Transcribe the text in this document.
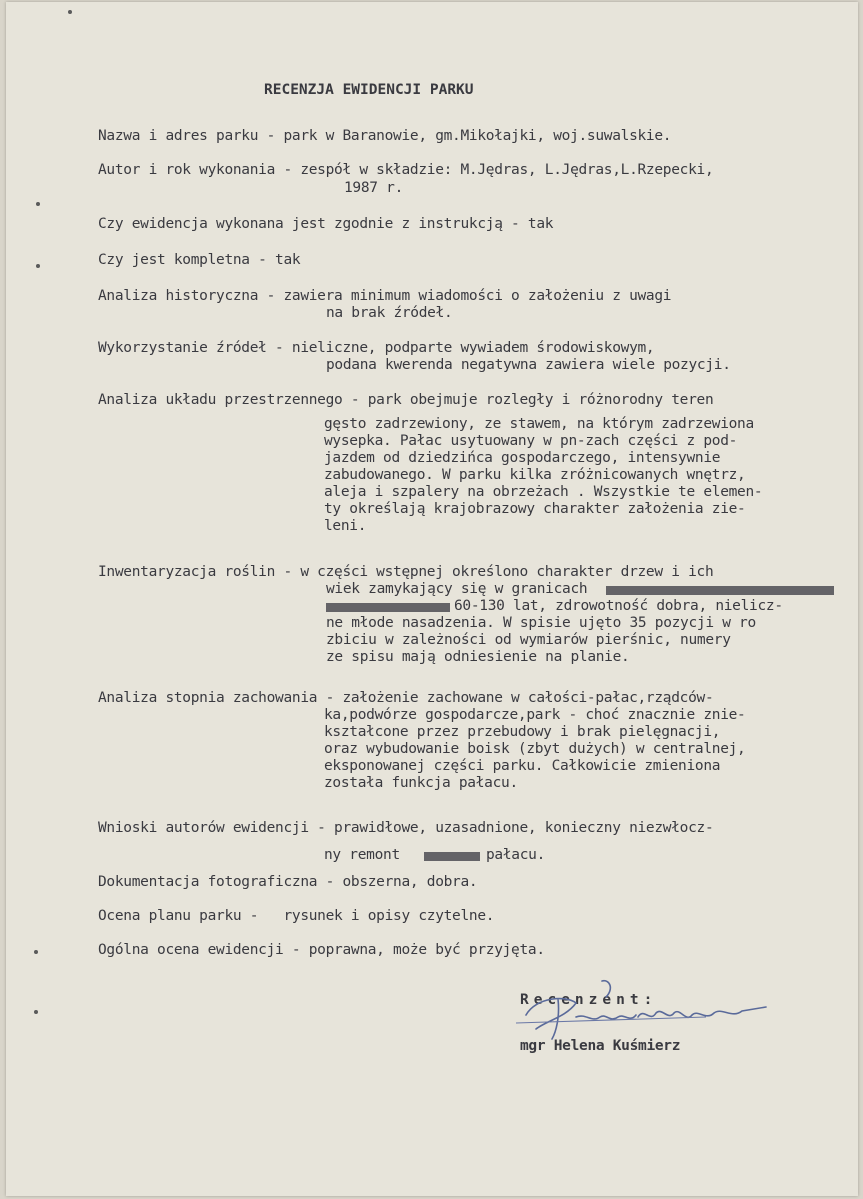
RECENZJA EWIDENCJI PARKU
Nazwa i adres parku - park w Baranowie, gm.Mikołajki, woj.suwalskie.
Autor i rok wykonania - zespół w składzie: M.Jędras, L.Jędras,L.Rzepecki,
1987 r.
Czy ewidencja wykonana jest zgodnie z instrukcją - tak
Czy jest kompletna - tak
Analiza historyczna - zawiera minimum wiadomości o założeniu z uwagi
na brak źródeł.
Wykorzystanie źródeł - nieliczne, podparte wywiadem środowiskowym,
podana kwerenda negatywna zawiera wiele pozycji.
Analiza układu przestrzennego - park obejmuje rozległy i różnorodny teren
gęsto zadrzewiony, ze stawem, na którym zadrzewiona
wysepka. Pałac usytuowany w pn-zach części z pod-
jazdem od dziedzińca gospodarczego, intensywnie
zabudowanego. W parku kilka zróżnicowanych wnętrz,
aleja i szpalery na obrzeżach . Wszystkie te elemen-
ty określają krajobrazowy charakter założenia zie-
leni.
Inwentaryzacja roślin - w części wstępnej określono charakter drzew i ich
wiek zamykający się w granicach
60-130 lat, zdrowotność dobra, nielicz-
ne młode nasadzenia. W spisie ujęto 35 pozycji w ro
zbiciu w zależności od wymiarów pierśnic, numery
ze spisu mają odniesienie na planie.
Analiza stopnia zachowania - założenie zachowane w całości-pałac,rządców-
ka,podwórze gospodarcze,park - choć znacznie znie-
kształcone przez przebudowy i brak pielęgnacji,
oraz wybudowanie boisk (zbyt dużych) w centralnej,
eksponowanej części parku. Całkowicie zmieniona
została funkcja pałacu.
Wnioski autorów ewidencji - prawidłowe, uzasadnione, konieczny niezwłocz-
ny remont	pałacu.
Dokumentacja fotograficzna - obszerna, dobra.
Ocena planu parku -   rysunek i opisy czytelne.
Ogólna ocena ewidencji - poprawna, może być przyjęta.
Recenzent:
mgr Helena Kuśmierz
